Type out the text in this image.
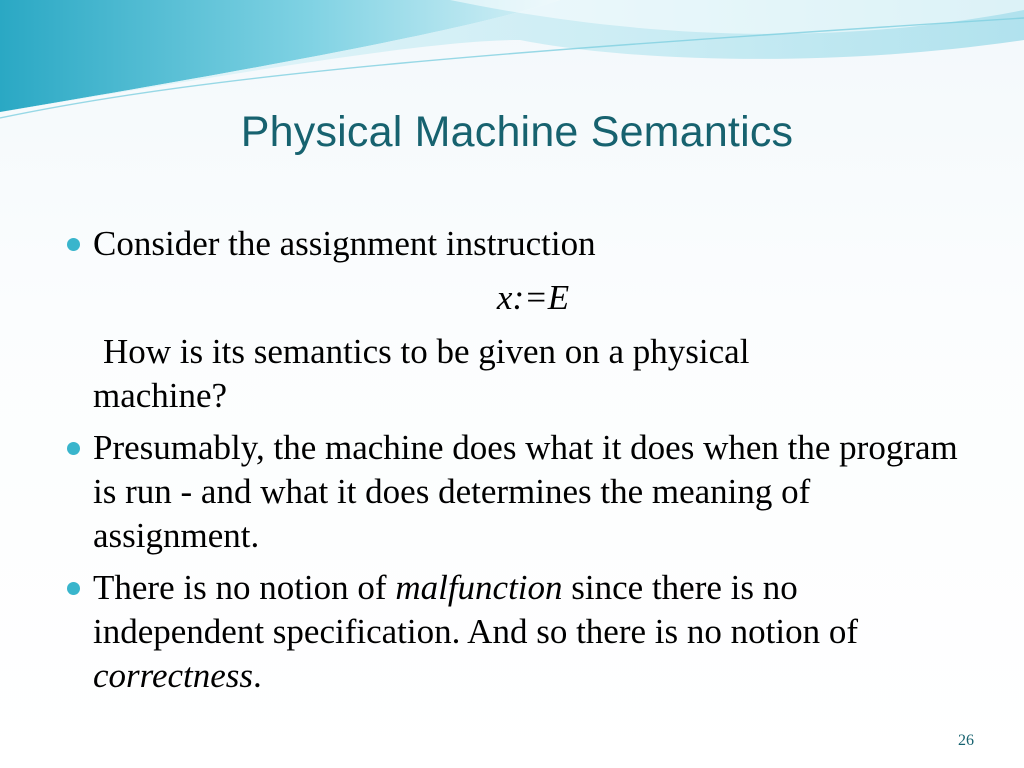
Physical Machine Semantics
Consider the assignment instruction
x:=E
How is its semantics to be given on a physical
machine?
Presumably, the machine does what it does when the program is run - and what it does determines the meaning of assignment.
There is no notion of malfunction since there is no independent specification. And so there is no notion of correctness.
26
